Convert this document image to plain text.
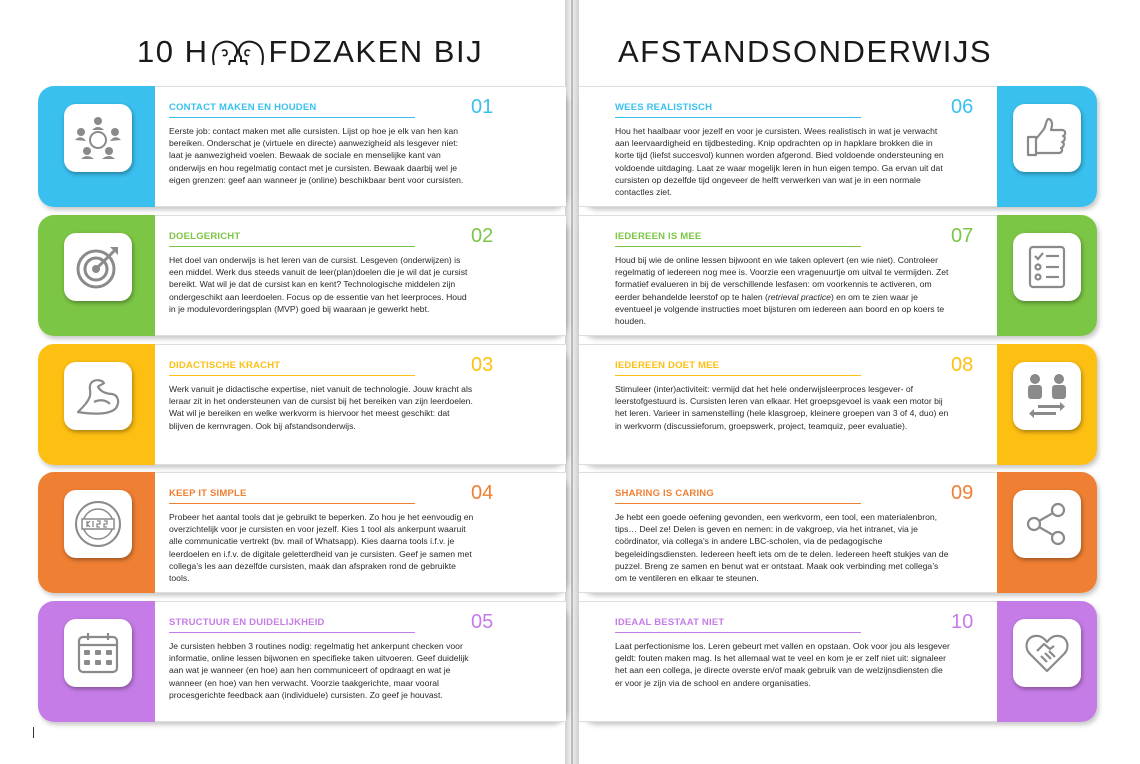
10 H FDZAKEN BIJ	AFSTANDSONDERWIJS
CONTACT MAKEN EN HOUDEN	01
Eerste job: contact maken met alle cursisten. Lijst op hoe je elk van hen kan bereiken. Onderschat je (virtuele en directe) aanwezigheid als lesgever niet: laat je aanwezigheid voelen. Bewaak de sociale en menselijke kant van onderwijs en hou regelmatig contact met je cursisten. Bewaak daarbij wel je eigen grenzen: geef aan wanneer je (online) beschikbaar bent voor cursisten.
DOELGERICHT	02
Het doel van onderwijs is het leren van de cursist. Lesgeven (onderwijzen) is een middel. Werk dus steeds vanuit de leer(plan)doelen die je wil dat je cursist bereikt. Wat wil je dat de cursist kan en kent? Technologische middelen zijn ondergeschikt aan leerdoelen. Focus op de essentie van het leerproces. Houd in je modulevorderingsplan (MVP) goed bij waaraan je gewerkt hebt.
DIDACTISCHE KRACHT	03
Werk vanuit je didactische expertise, niet vanuit de technologie. Jouw kracht als leraar zit in het ondersteunen van de cursist bij het bereiken van zijn leerdoelen. Wat wil je bereiken en welke werkvorm is hiervoor het meest geschikt: dat blijven de kernvragen. Ook bij afstandsonderwijs.
KEEP IT SIMPLE	04
Probeer het aantal tools dat je gebruikt te beperken. Zo hou je het eenvoudig en overzichtelijk voor je cursisten en voor jezelf. Kies 1 tool als ankerpunt waaruit alle communicatie vertrekt (bv. mail of Whatsapp). Kies daarna tools i.f.v. je leerdoelen en i.f.v. de digitale geletterdheid van je cursisten. Geef je samen met collega’s les aan dezelfde cursisten, maak dan afspraken rond de gebruikte tools.
STRUCTUUR EN DUIDELIJKHEID	05
Je cursisten hebben 3 routines nodig: regelmatig het ankerpunt checken voor informatie, online lessen bijwonen en specifieke taken uitvoeren. Geef duidelijk aan wat je wanneer (en hoe) aan hen communiceert of opdraagt en wat je wanneer (en hoe) van hen verwacht. Voorzie taakgerichte, maar vooral procesgerichte feedback aan (individuele) cursisten. Zo geef je houvast.
WEES REALISTISCH	06
Hou het haalbaar voor jezelf en voor je cursisten. Wees realistisch in wat je verwacht aan leervaardigheid en tijdbesteding. Knip opdrachten op in hapklare brokken die in korte tijd (liefst succesvol) kunnen worden afgerond. Bied voldoende ondersteuning en voldoende uitdaging. Laat ze waar mogelijk leren in hun eigen tempo. Ga ervan uit dat cursisten op dezelfde tijd ongeveer de helft verwerken van wat je in een normale contactles ziet.
IEDEREEN IS MEE	07
Houd bij wie de online lessen bijwoont en wie taken oplevert (en wie niet). Controleer regelmatig of iedereen nog mee is. Voorzie een vragenuurtje om uitval te vermijden. Zet formatief evalueren in bij de verschillende lesfasen: om voorkennis te activeren, om eerder behandelde leerstof op te halen (retrieval practice) en om te zien waar je eventueel je volgende instructies moet bijsturen om iedereen aan boord en op koers te houden.
IEDEREEN DOET MEE	08
Stimuleer (inter)activiteit: vermijd dat het hele onderwijsleerproces lesgever- of leerstofgestuurd is. Cursisten leren van elkaar. Het groepsgevoel is vaak een motor bij het leren. Varieer in samenstelling (hele klasgroep, kleinere groepen van 3 of 4, duo) en in werkvorm (discussieforum, groepswerk, project, teamquiz, peer evaluatie).
SHARING IS CARING	09
Je hebt een goede oefening gevonden, een werkvorm, een tool, een materialenbron, tips… Deel ze! Delen is geven en nemen: in de vakgroep, via het intranet, via je coördinator, via collega’s in andere LBC-scholen, via de pedagogische begeleidingsdiensten. Iedereen heeft iets om de te delen. Iedereen heeft stukjes van de puzzel. Breng ze samen en benut wat er ontstaat. Maak ook verbinding met collega’s om te ventileren en elkaar te steunen.
IDEAAL BESTAAT NIET	10
Laat perfectionisme los. Leren gebeurt met vallen en opstaan. Ook voor jou als lesgever geldt: fouten maken mag. Is het allemaal wat te veel en kom je er zelf niet uit: signaleer het aan een collega, je directe overste en/of maak gebruik van de welzijnsdiensten die er voor je zijn via de school en andere organisaties.
